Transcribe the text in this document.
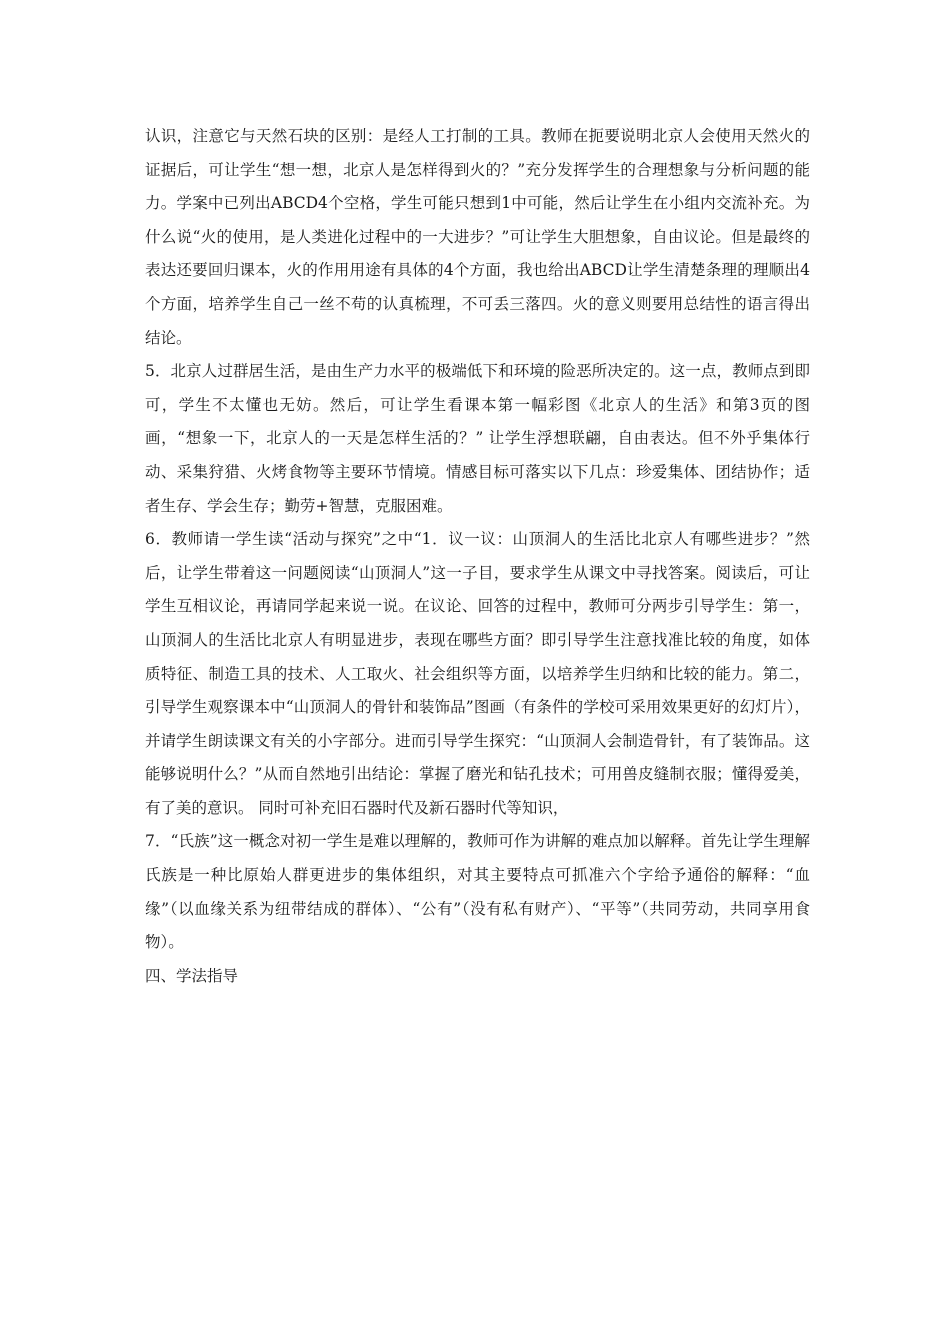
认识，注意它与天然石块的区别：是经人工打制的工具。教师在扼要说明北京人会使用天然火的证据后，可让学生“想一想，北京人是怎样得到火的？”充分发挥学生的合理想象与分析问题的能力。学案中已列出ABCD4个空格，学生可能只想到1中可能，然后让学生在小组内交流补充。为什么说“火的使用，是人类进化过程中的一大进步？”可让学生大胆想象，自由议论。但是最终的表达还要回归课本，火的作用用途有具体的4个方面，我也给出ABCD让学生清楚条理的理顺出4个方面，培养学生自己一丝不苟的认真梳理，不可丢三落四。火的意义则要用总结性的语言得出结论。

5．北京人过群居生活，是由生产力水平的极端低下和环境的险恶所决定的。这一点，教师点到即可，学生不太懂也无妨。然后，可让学生看课本第一幅彩图《北京人的生活》和第3页的图画，“想象一下，北京人的一天是怎样生活的？” 让学生浮想联翩，自由表达。但不外乎集体行动、采集狩猎、火烤食物等主要环节情境。情感目标可落实以下几点：珍爱集体、团结协作；适者生存、学会生存；勤劳+智慧，克服困难。

6．教师请一学生读“活动与探究”之中“1．议一议：山顶洞人的生活比北京人有哪些进步？”然后，让学生带着这一问题阅读“山顶洞人”这一子目，要求学生从课文中寻找答案。阅读后，可让学生互相议论，再请同学起来说一说。在议论、回答的过程中，教师可分两步引导学生：第一，山顶洞人的生活比北京人有明显进步，表现在哪些方面？即引导学生注意找准比较的角度，如体质特征、制造工具的技术、人工取火、社会组织等方面，以培养学生归纳和比较的能力。第二，引导学生观察课本中“山顶洞人的骨针和装饰品”图画（有条件的学校可采用效果更好的幻灯片），并请学生朗读课文有关的小字部分。进而引导学生探究：“山顶洞人会制造骨针，有了装饰品。这能够说明什么？”从而自然地引出结论：掌握了磨光和钻孔技术；可用兽皮缝制衣服；懂得爱美，有了美的意识。 同时可补充旧石器时代及新石器时代等知识，

7．“氏族”这一概念对初一学生是难以理解的，教师可作为讲解的难点加以解释。首先让学生理解氏族是一种比原始人群更进步的集体组织，对其主要特点可抓准六个字给予通俗的解释：“血缘”（以血缘关系为纽带结成的群体）、“公有”（没有私有财产）、“平等”（共同劳动，共同享用食物）。

四、学法指导
